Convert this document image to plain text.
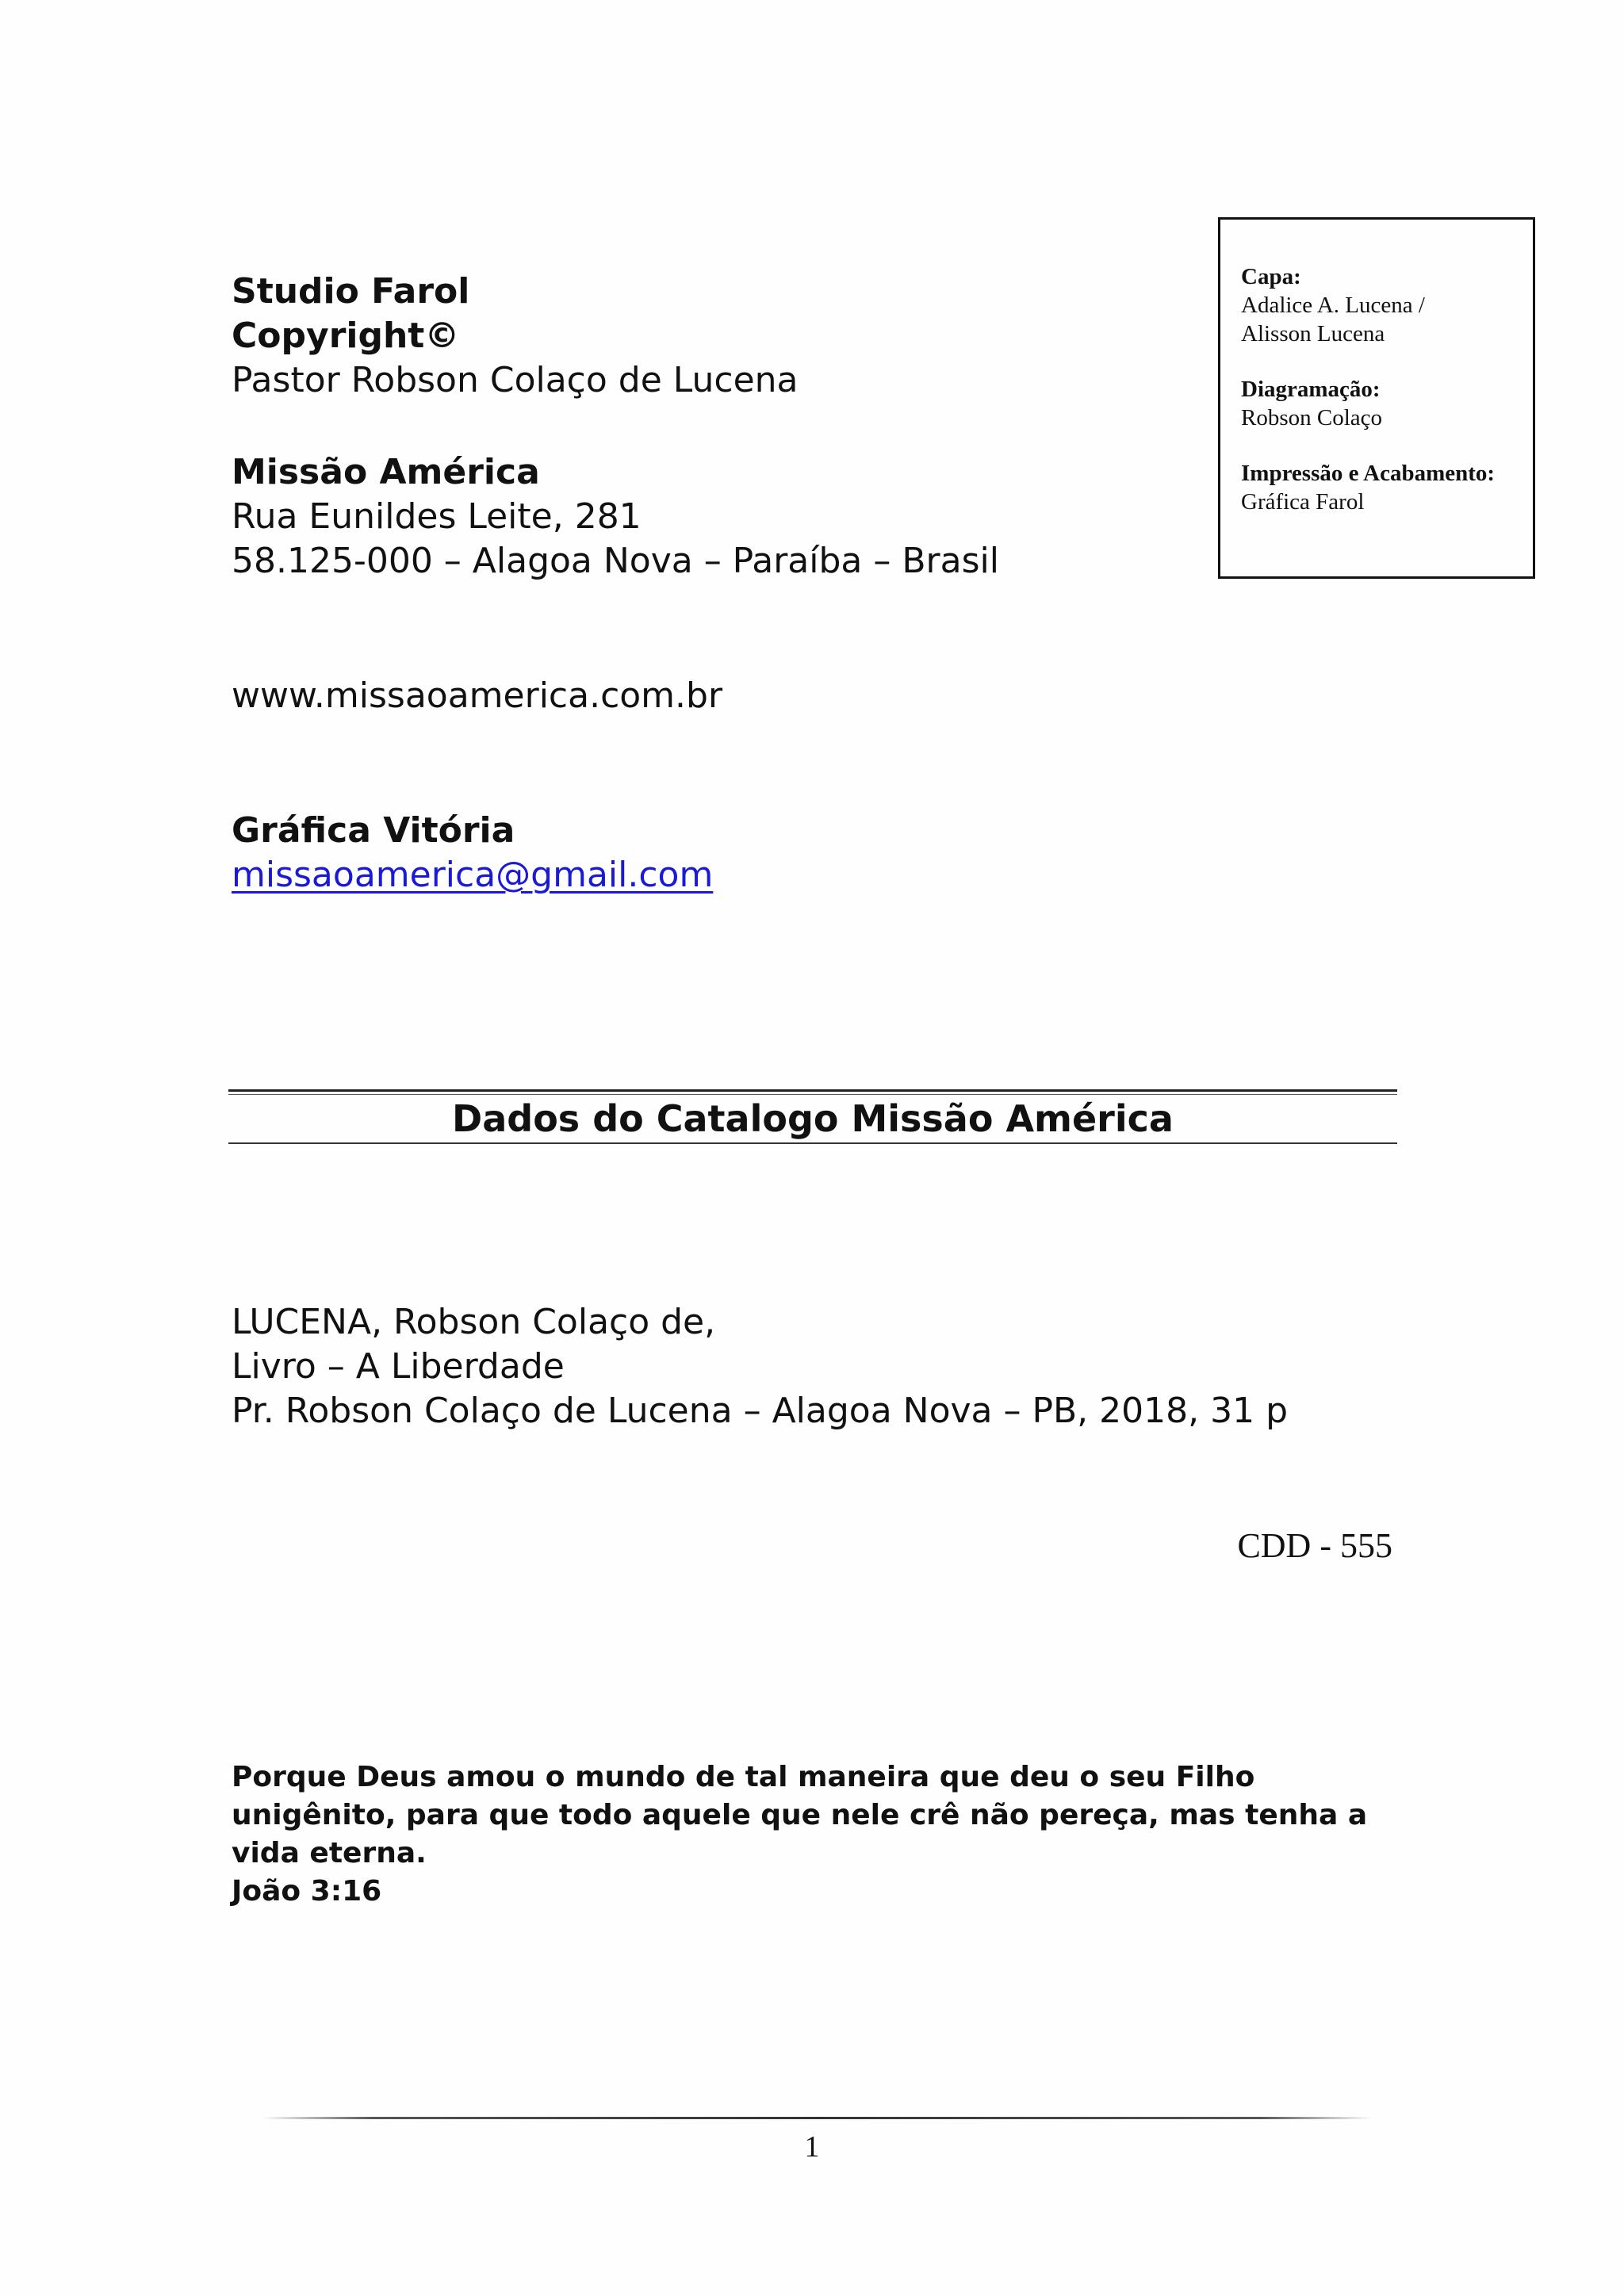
Studio Farol
Copyright©
Pastor Robson Colaço de Lucena
Missão América
Rua Eunildes Leite, 281
58.125-000 – Alagoa Nova – Paraíba – Brasil
www.missaoamerica.com.br
Gráfica Vitória
missaoamerica@gmail.com
Capa:
Adalice A. Lucena /
Alisson Lucena
Diagramação:
Robson Colaço
Impressão e Acabamento:
Gráfica Farol
Dados do Catalogo Missão América
LUCENA, Robson Colaço de,
Livro – A Liberdade
Pr. Robson Colaço de Lucena – Alagoa Nova – PB, 2018, 31 p
CDD - 555
Porque Deus amou o mundo de tal maneira que deu o seu Filho unigênito, para que todo aquele que nele crê não pereça, mas tenha a vida eterna.
João 3:16
1
